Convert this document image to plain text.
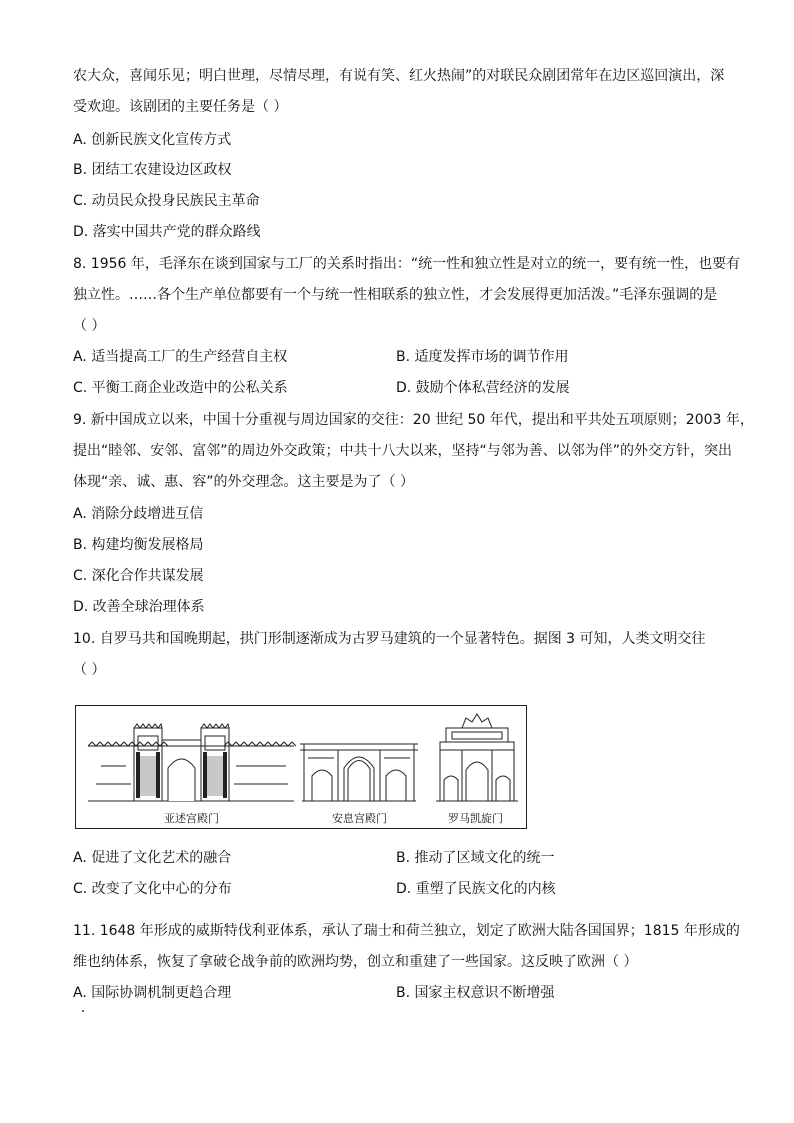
农大众，喜闻乐见；明白世理，尽情尽理，有说有笑、红火热闹”的对联民众剧团常年在边区巡回演出，深
受欢迎。该剧团的主要任务是（ ）
A. 创新民族文化宣传方式
B. 团结工农建设边区政权
C. 动员民众投身民族民主革命
D. 落实中国共产党的群众路线
8. 1956 年，毛泽东在谈到国家与工厂的关系时指出：“统一性和独立性是对立的统一，要有统一性，也要有
独立性。……各个生产单位都要有一个与统一性相联系的独立性，才会发展得更加活泼。”毛泽东强调的是
（ ）
A. 适当提高工厂的生产经营自主权	B. 适度发挥市场的调节作用
C. 平衡工商企业改造中的公私关系	D. 鼓励个体私营经济的发展
9. 新中国成立以来，中国十分重视与周边国家的交往：20 世纪 50 年代，提出和平共处五项原则；2003 年，
提出“睦邻、安邻、富邻”的周边外交政策；中共十八大以来，坚持“与邻为善、以邻为伴”的外交方针，突出
体现“亲、诚、惠、容”的外交理念。这主要是为了（ ）
A. 消除分歧增进互信
B. 构建均衡发展格局
C. 深化合作共谋发展
D. 改善全球治理体系
10. 自罗马共和国晚期起，拱门形制逐渐成为古罗马建筑的一个显著特色。据图 3 可知，人类文明交往
（ ）
亚述宫殿门	安息宫殿门	罗马凯旋门
A. 促进了文化艺术的融合	B. 推动了区域文化的统一
C. 改变了文化中心的分布	D. 重塑了民族文化的内核
11. 1648 年形成的威斯特伐利亚体系，承认了瑞士和荷兰独立，划定了欧洲大陆各国国界；1815 年形成的
维也纳体系，恢复了拿破仑战争前的欧洲均势，创立和重建了一些国家。这反映了欧洲（ ）
A. 国际协调机制更趋合理	B. 国家主权意识不断增强
